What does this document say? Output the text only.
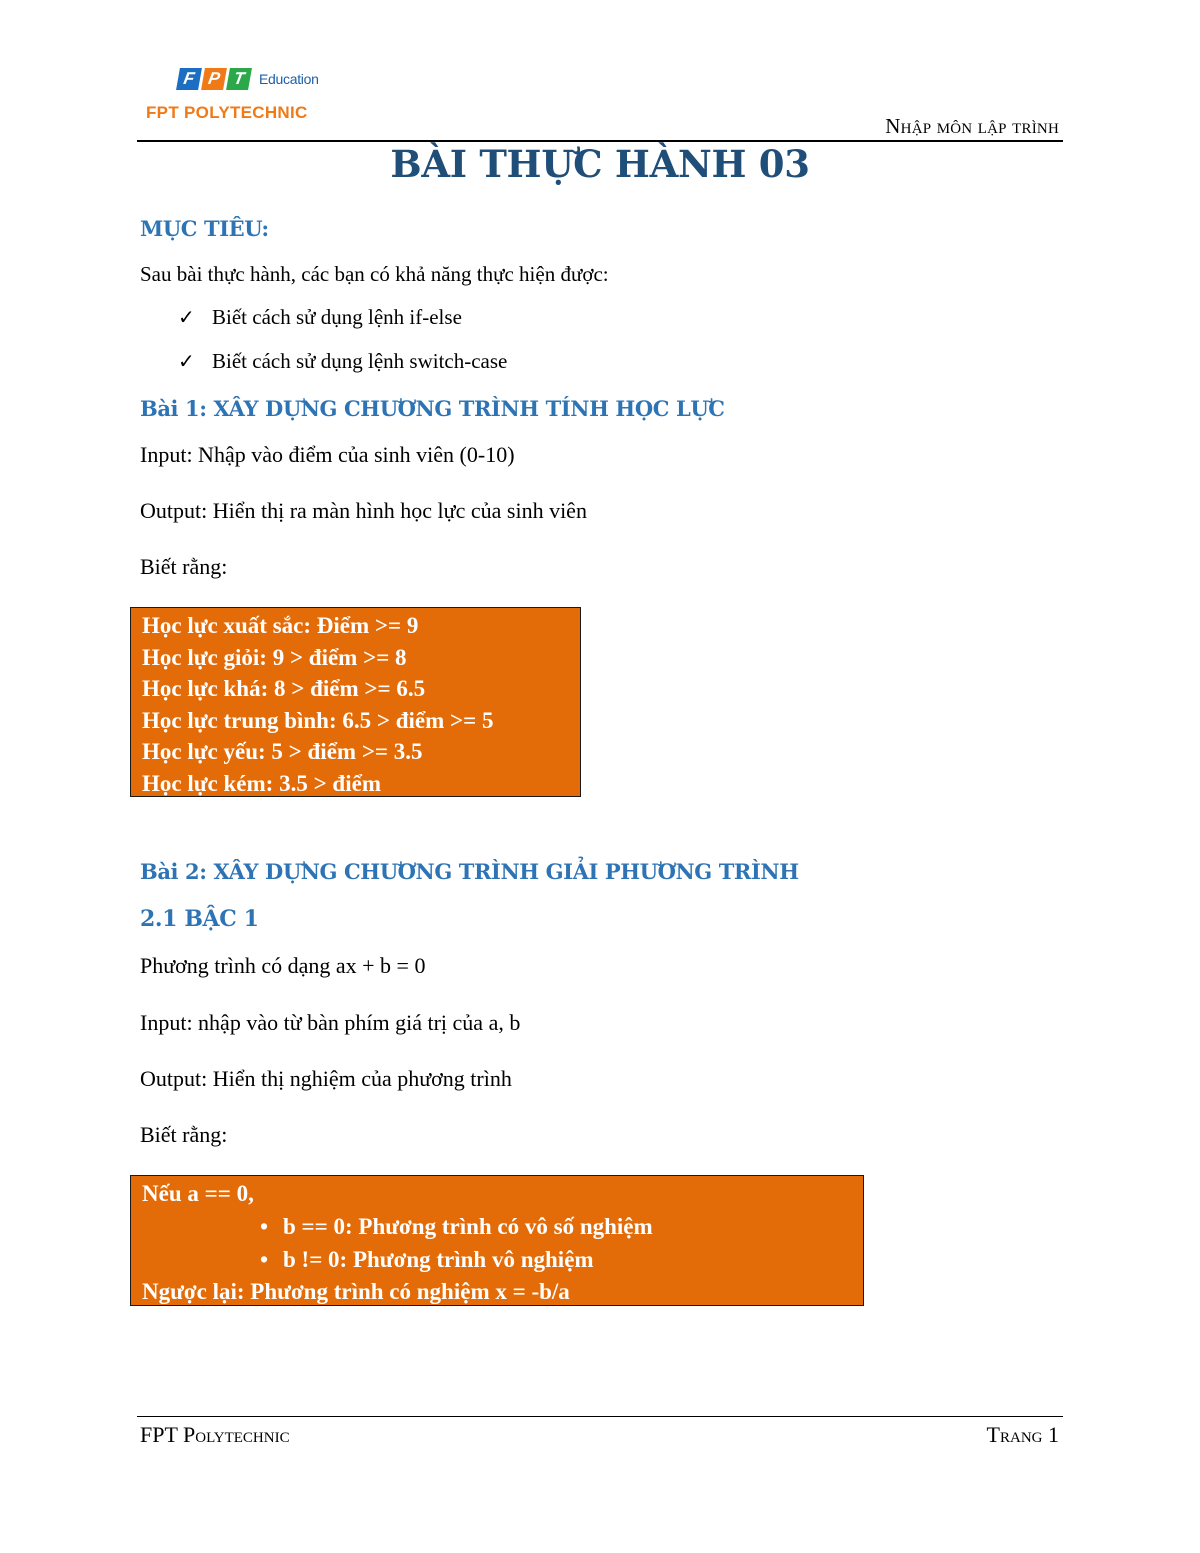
F P T Education
FPT POLYTECHNIC
Nhập môn lập trình
BÀI THỰC HÀNH 03
MỤC TIÊU:
Sau bài thực hành, các bạn có khả năng thực hiện được:
✓ Biết cách sử dụng lệnh if-else
✓ Biết cách sử dụng lệnh switch-case
Bài 1: XÂY DỰNG CHƯƠNG TRÌNH TÍNH HỌC LỰC
Input: Nhập vào điểm của sinh viên (0-10)
Output: Hiển thị ra màn hình học lực của sinh viên
Biết rằng:
Học lực xuất sắc: Điểm >= 9
Học lực giỏi: 9 > điểm >= 8
Học lực khá: 8 > điểm >= 6.5
Học lực trung bình: 6.5 > điểm >= 5
Học lực yếu: 5 > điểm >= 3.5
Học lực kém: 3.5 > điểm
Bài 2: XÂY DỰNG CHƯƠNG TRÌNH GIẢI PHƯƠNG TRÌNH
2.1 BẬC 1
Phương trình có dạng ax + b = 0
Input: nhập vào từ bàn phím giá trị của a, b
Output: Hiển thị nghiệm của phương trình
Biết rằng:
Nếu a == 0,
• b == 0: Phương trình có vô số nghiệm
• b != 0: Phương trình vô nghiệm
Ngược lại: Phương trình có nghiệm x = -b/a
FPT Polytechnic	Trang 1
